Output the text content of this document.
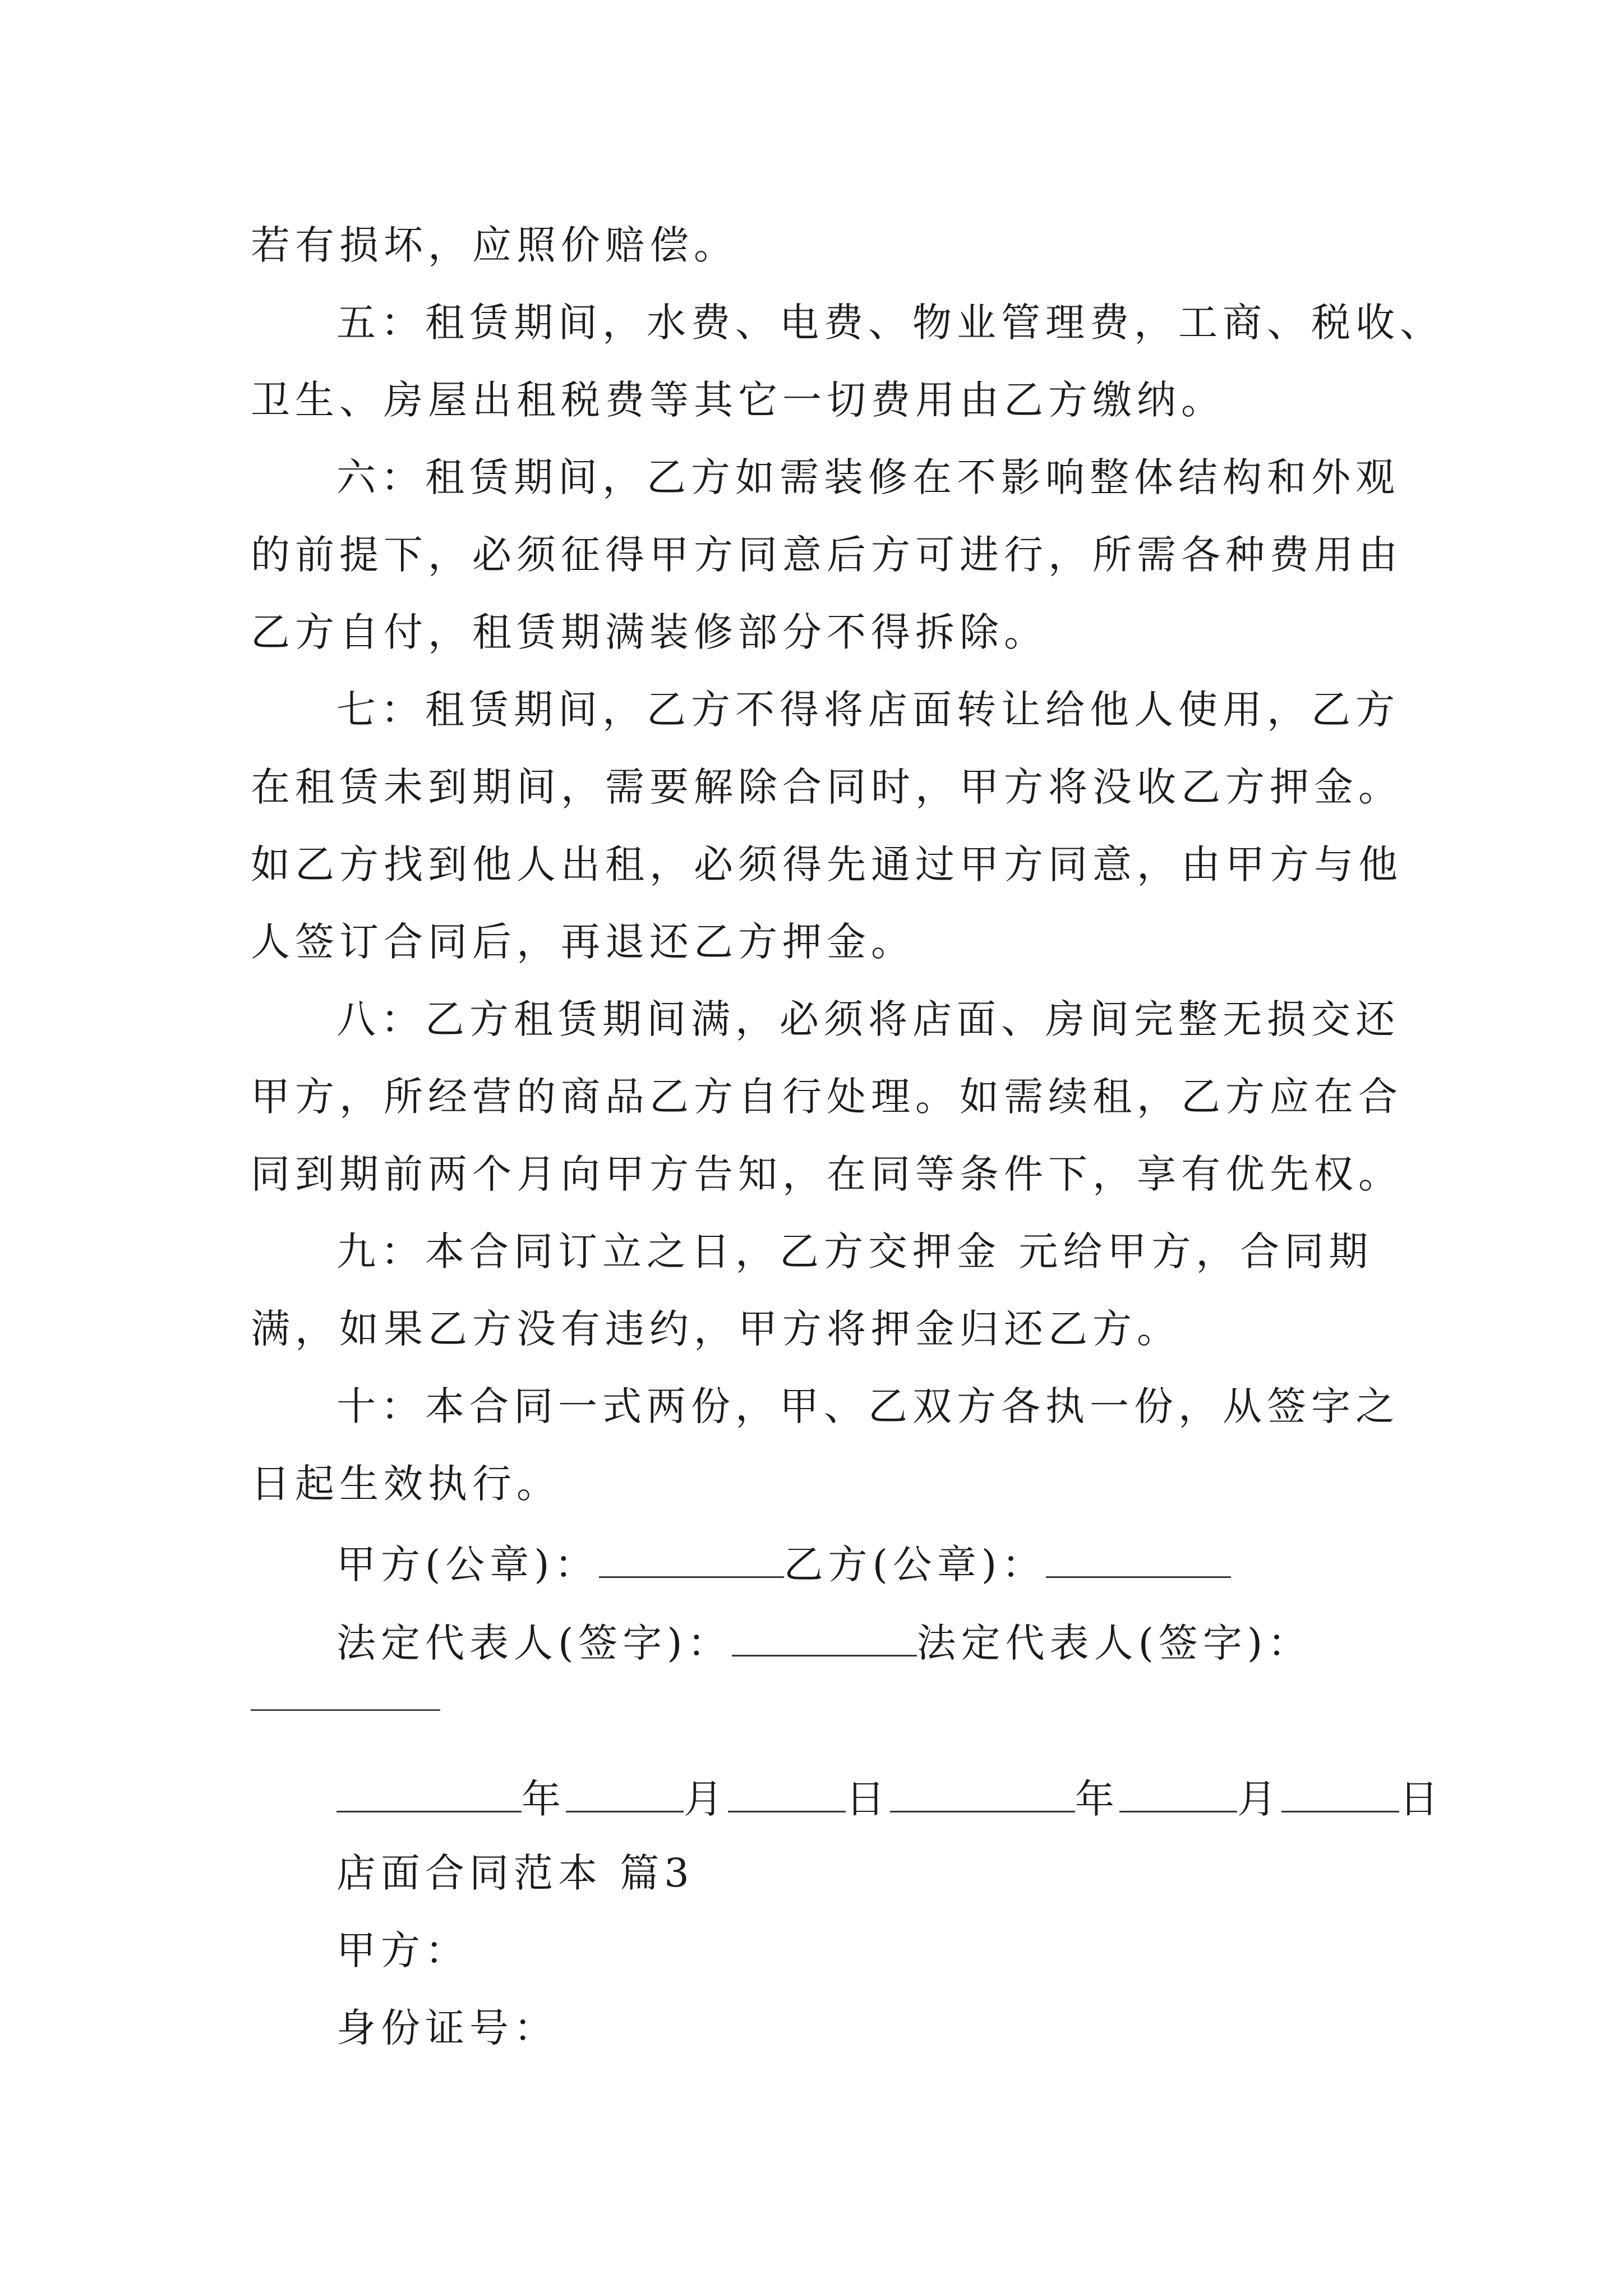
若有损坏，应照价赔偿。
五：租赁期间，水费、电费、物业管理费，工商、税收、
卫生、房屋出租税费等其它一切费用由乙方缴纳。
六：租赁期间，乙方如需装修在不影响整体结构和外观
的前提下，必须征得甲方同意后方可进行，所需各种费用由
乙方自付，租赁期满装修部分不得拆除。
七：租赁期间，乙方不得将店面转让给他人使用，乙方
在租赁未到期间，需要解除合同时，甲方将没收乙方押金。
如乙方找到他人出租，必须得先通过甲方同意，由甲方与他
人签订合同后，再退还乙方押金。
八：乙方租赁期间满，必须将店面、房间完整无损交还
甲方，所经营的商品乙方自行处理。如需续租，乙方应在合
同到期前两个月向甲方告知，在同等条件下，享有优先权。
九：本合同订立之日，乙方交押金 元给甲方，合同期
满，如果乙方没有违约，甲方将押金归还乙方。
十：本合同一式两份，甲、乙双方各执一份，从签字之
日起生效执行。
甲方(公章)：	乙方(公章)：
法定代表人(签字)：	法定代表人(签字)：
年	月	日	年	月	日
店面合同范本 篇3
甲方：
身份证号：
